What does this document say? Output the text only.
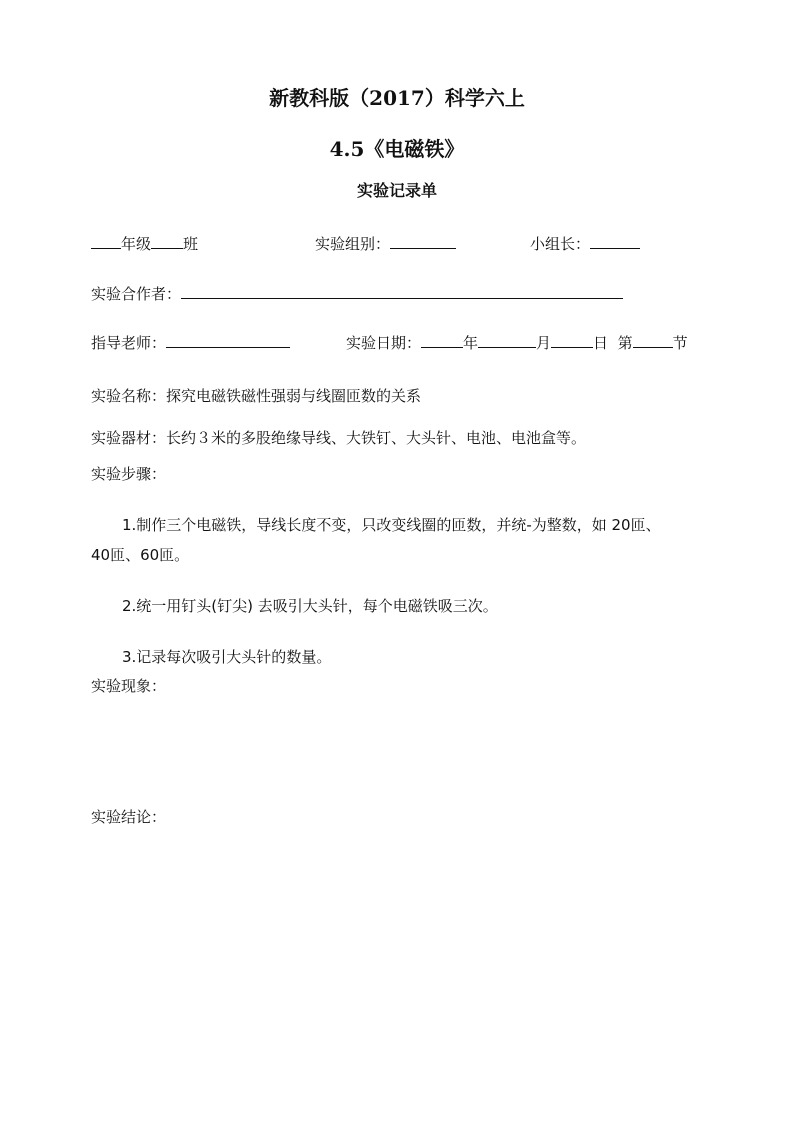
新教科版（2017）科学六上
4.5《电磁铁》
实验记录单
年级 班	实验组别：	小组长：
实验合作者：
指导老师：	实验日期：	年	月	日 第	节
实验名称：探究电磁铁磁性强弱与线圈匝数的关系
实验器材：长约３米的多股绝缘导线、大铁钉、大头针、电池、电池盒等。
实验步骤：
1.制作三个电磁铁，导线长度不变，只改变线圈的匝数，并统-为整数，如 20匝、
40匝、60匝。
2.统一用钉头(钉尖) 去吸引大头针，每个电磁铁吸三次。
3.记录每次吸引大头针的数量。
实验现象：
实验结论：
